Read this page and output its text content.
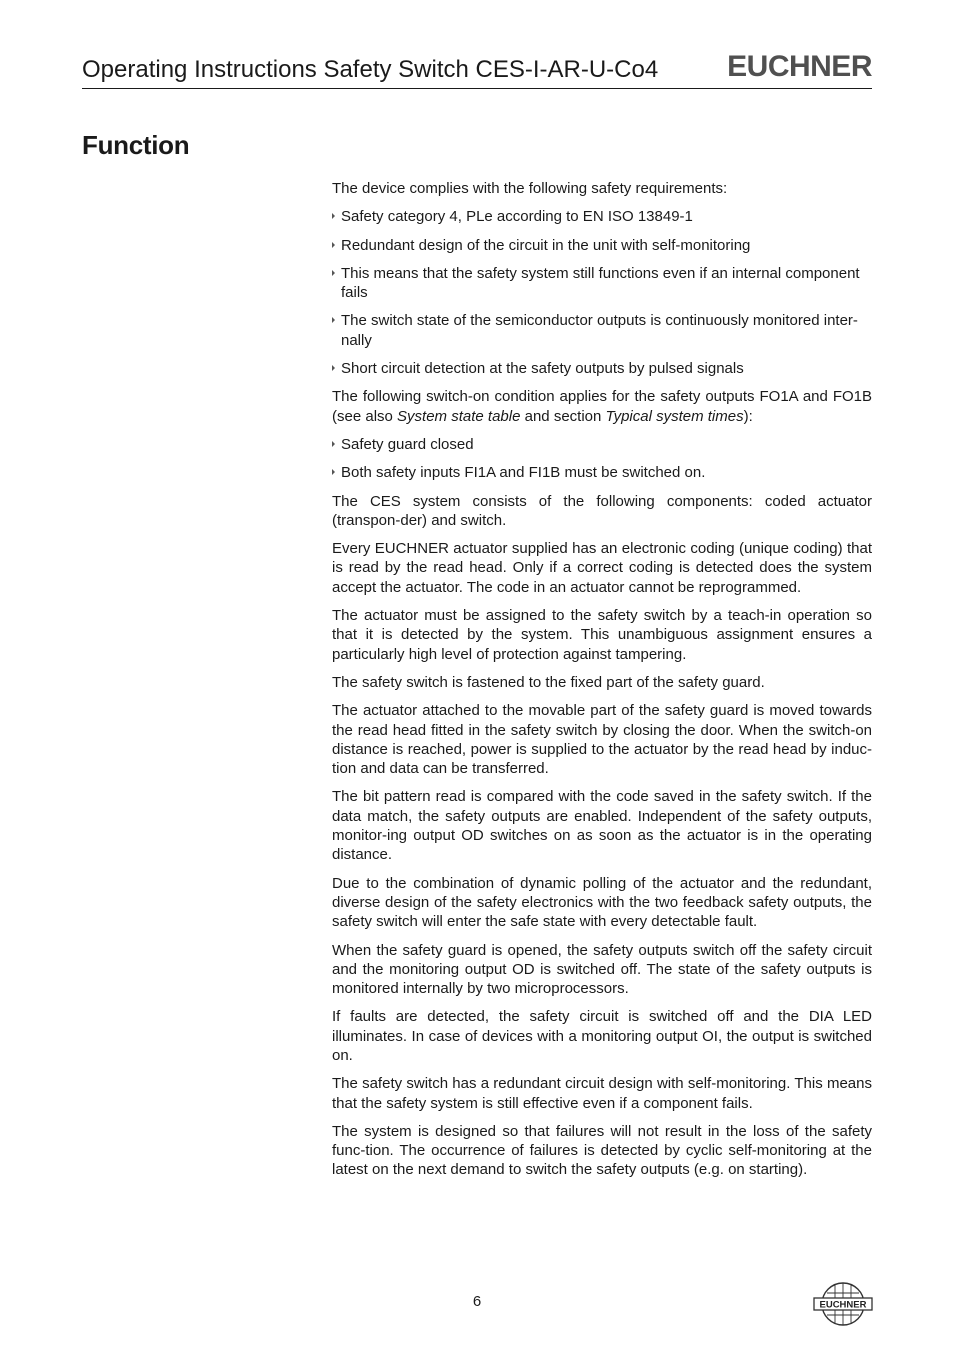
Operating Instructions Safety Switch CES-I-AR-U-Co4 EUCHNER
Function

The device complies with the following safety requirements:

Safety category 4, PLe according to EN ISO 13849-1
Redundant design of the circuit in the unit with self-monitoring
This means that the safety system still functions even if an internal component fails
The switch state of the semiconductor outputs is continuously monitored inter-nally
Short circuit detection at the safety outputs by pulsed signals

The following switch-on condition applies for the safety outputs FO1A and FO1B (see also System state table and section Typical system times):

Safety guard closed
Both safety inputs FI1A and FI1B must be switched on.

The CES system consists of the following components: coded actuator (transpon-der) and switch.

Every EUCHNER actuator supplied has an electronic coding (unique coding) that is read by the read head. Only if a correct coding is detected does the system accept the actuator. The code in an actuator cannot be reprogrammed.

The actuator must be assigned to the safety switch by a teach-in operation so that it is detected by the system. This unambiguous assignment ensures a particularly high level of protection against tampering.

The safety switch is fastened to the fixed part of the safety guard.

The actuator attached to the movable part of the safety guard is moved towards the read head fitted in the safety switch by closing the door. When the switch-on distance is reached, power is supplied to the actuator by the read head by induc-tion and data can be transferred.

The bit pattern read is compared with the code saved in the safety switch. If the data match, the safety outputs are enabled. Independent of the safety outputs, monitor-ing output OD switches on as soon as the actuator is in the operating distance.

Due to the combination of dynamic polling of the actuator and the redundant, diverse design of the safety electronics with the two feedback safety outputs, the safety switch will enter the safe state with every detectable fault.

When the safety guard is opened, the safety outputs switch off the safety circuit and the monitoring output OD is switched off. The state of the safety outputs is monitored internally by two microprocessors.

If faults are detected, the safety circuit is switched off and the DIA LED illuminates. In case of devices with a monitoring output OI, the output is switched on.

The safety switch has a redundant circuit design with self-monitoring. This means that the safety system is still effective even if a component fails.

The system is designed so that failures will not result in the loss of the safety func-tion. The occurrence of failures is detected by cyclic self-monitoring at the latest on the next demand to switch the safety outputs (e.g. on starting).

6	EUCHNER
